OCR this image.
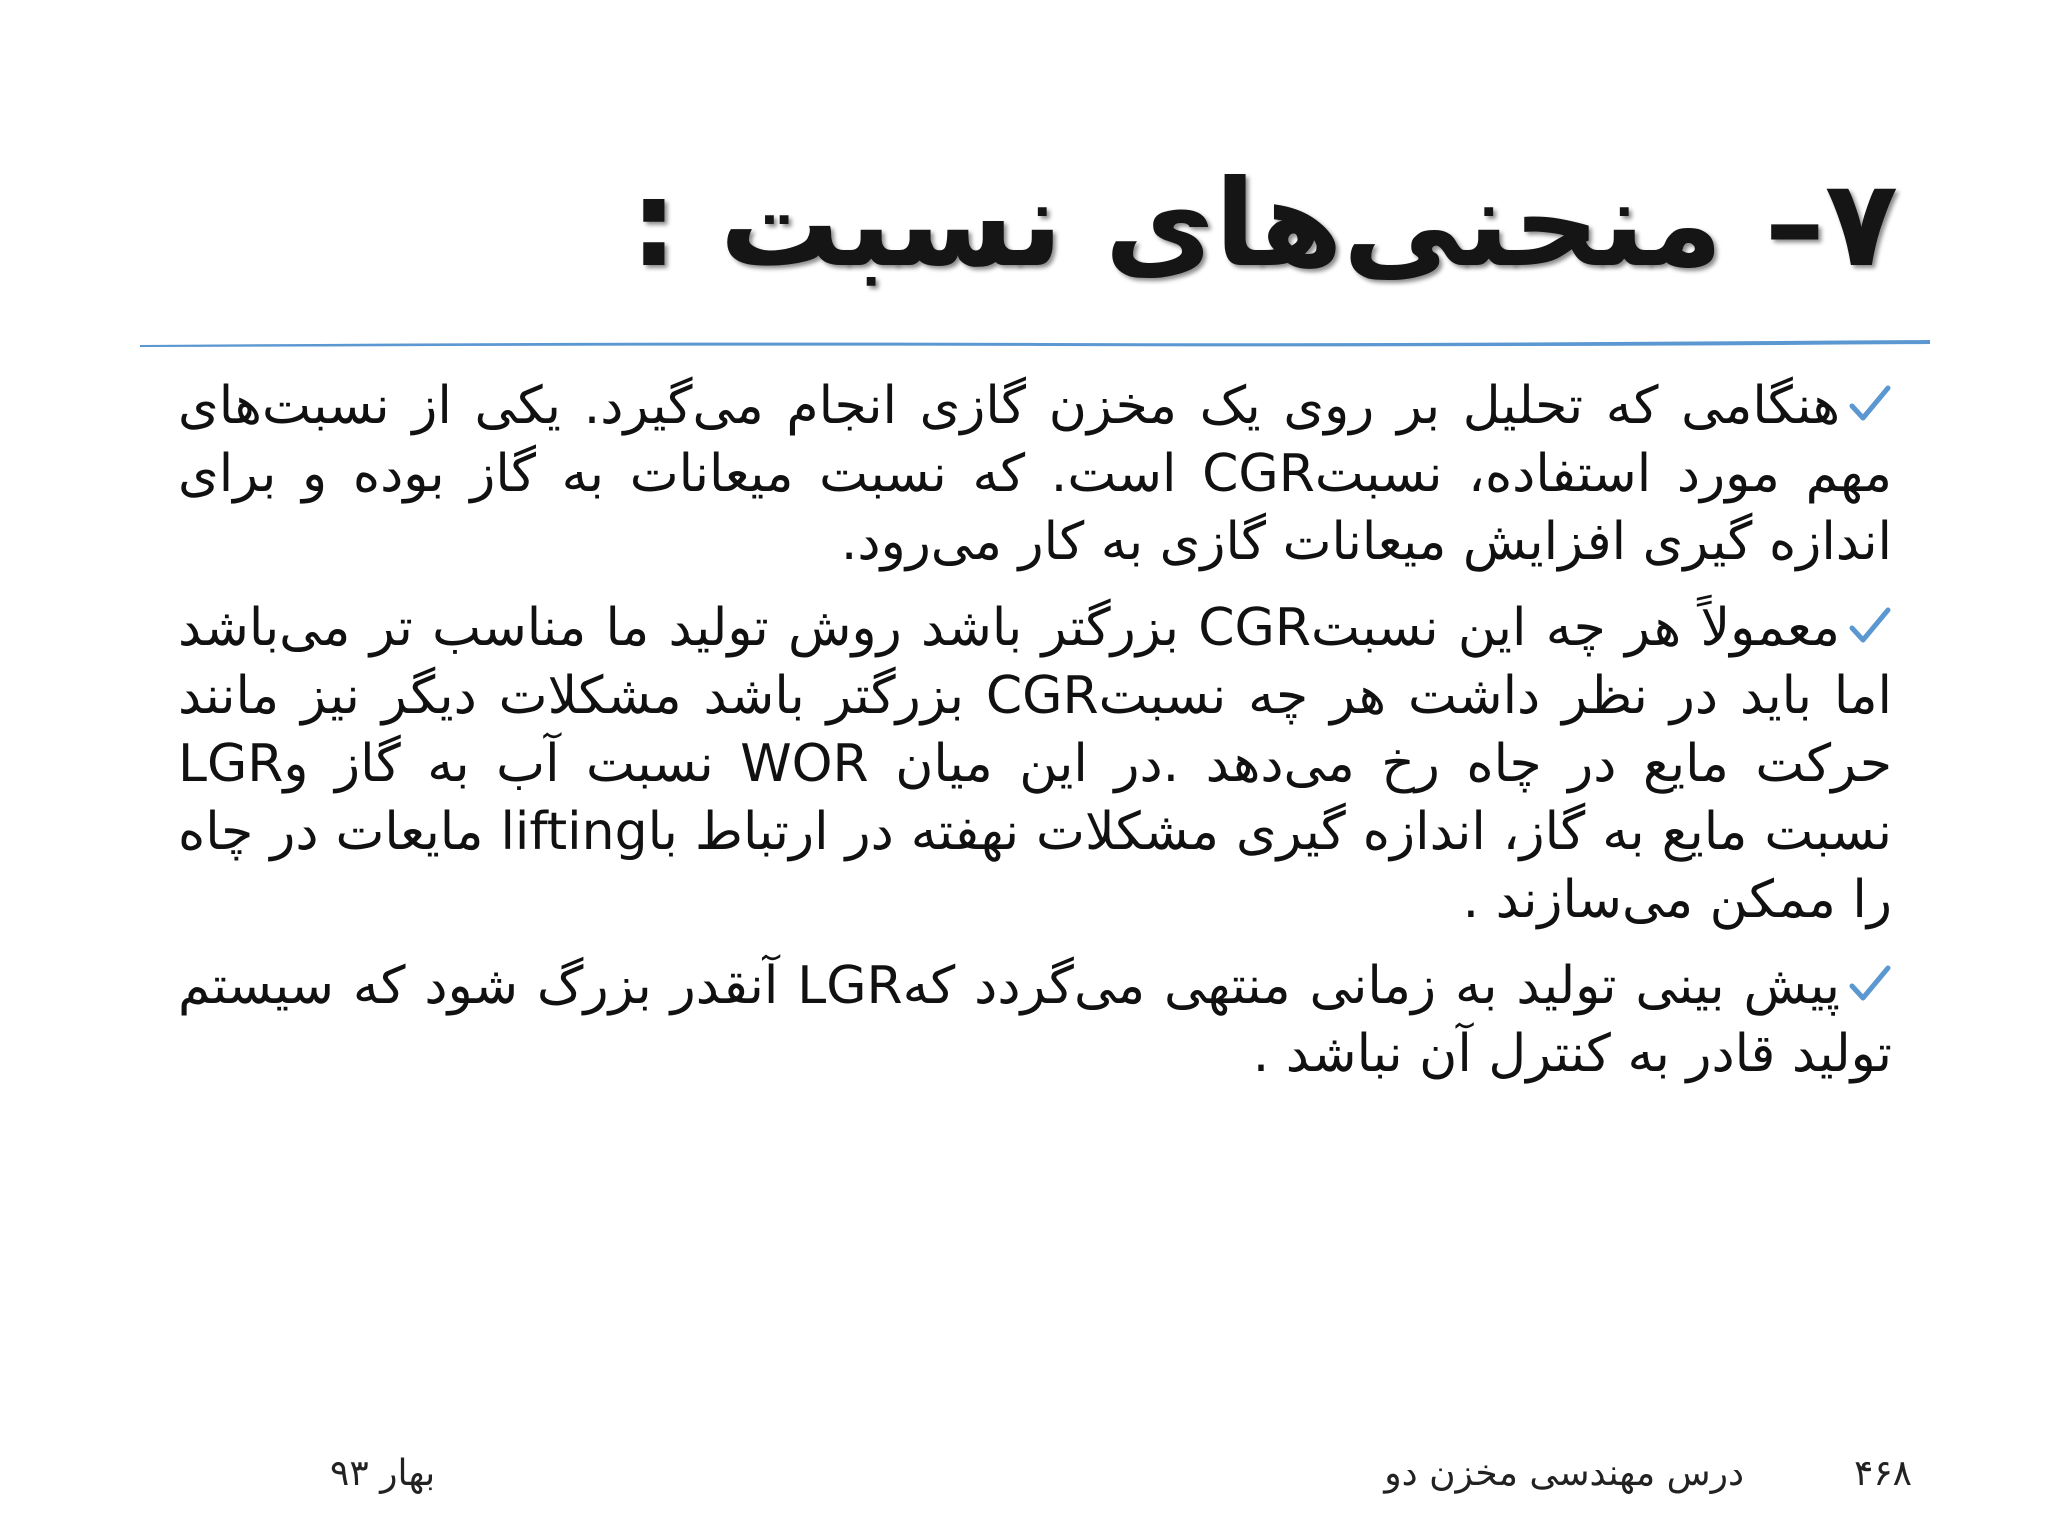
۷– منحنی‌های نسبت :
هنگامی که تحلیل بر روی یک مخزن گازی انجام می‌گیرد. یکی از نسبت‌های مهم مورد استفاده، نسبتCGR است. که نسبت میعانات به گاز بوده و برای اندازه گیری افزایش میعانات گازی به کار می‌رود.
معمولاً هر چه این نسبتCGR بزرگتر باشد روش تولید ما مناسب تر می‌باشد اما باید در نظر داشت هر چه نسبتCGR بزرگتر باشد مشکلات دیگر نیز مانند حرکت مایع در چاه رخ می‌دهد .در این میان WOR نسبت آب به گاز وLGR نسبت مایع به گاز، اندازه گیری مشکلات نهفته در ارتباط باlifting مایعات در چاه را ممکن می‌سازند .
پیش بینی تولید به زمانی منتهی می‌گردد کهLGR آنقدر بزرگ شود که سیستم تولید قادر به کنترل آن نباشد .
۴۶۸
درس مهندسی مخزن دو
بهار ۹۳
